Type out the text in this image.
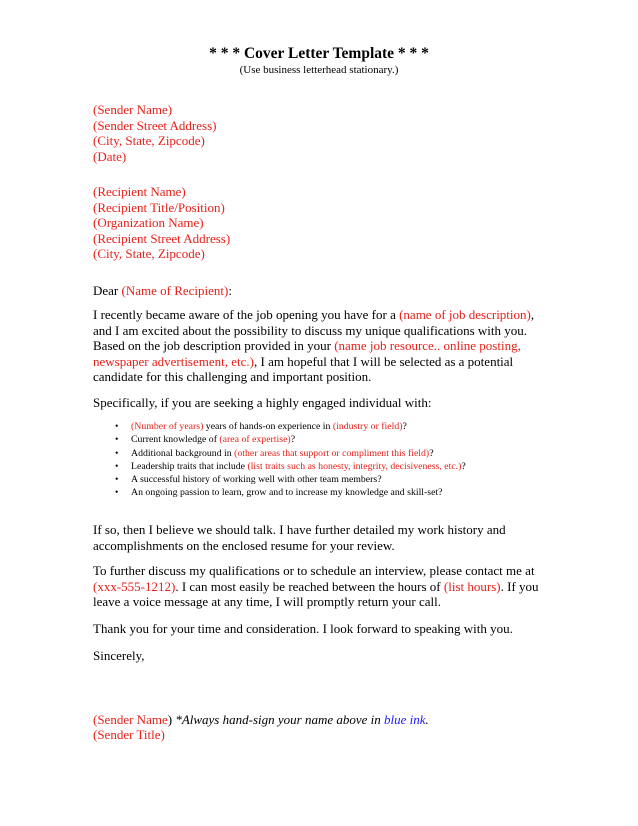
* * * Cover Letter Template * * *
(Use business letterhead stationary.)
(Sender Name)
(Sender Street Address)
(City, State, Zipcode)
(Date)
(Recipient Name)
(Recipient Title/Position)
(Organization Name)
(Recipient Street Address)
(City, State, Zipcode)
Dear (Name of Recipient):
I recently became aware of the job opening you have for a (name of job description), and I am excited about the possibility to discuss my unique qualifications with you. Based on the job description provided in your (name job resource.. online posting, newspaper advertisement, etc.), I am hopeful that I will be selected as a potential candidate for this challenging and important position.
Specifically, if you are seeking a highly engaged individual with:
• (Number of years) years of hands-on experience in (industry or field)?
• Current knowledge of (area of expertise)?
• Additional background in (other areas that support or compliment this field)?
• Leadership traits that include (list traits such as honesty, integrity, decisiveness, etc.)?
• A successful history of working well with other team members?
• An ongoing passion to learn, grow and to increase my knowledge and skill-set?
If so, then I believe we should talk. I have further detailed my work history and accomplishments on the enclosed resume for your review.
To further discuss my qualifications or to schedule an interview, please contact me at (xxx-555-1212). I can most easily be reached between the hours of (list hours). If you leave a voice message at any time, I will promptly return your call.
Thank you for your time and consideration. I look forward to speaking with you.
Sincerely,
(Sender Name) *Always hand-sign your name above in blue ink.
(Sender Title)
